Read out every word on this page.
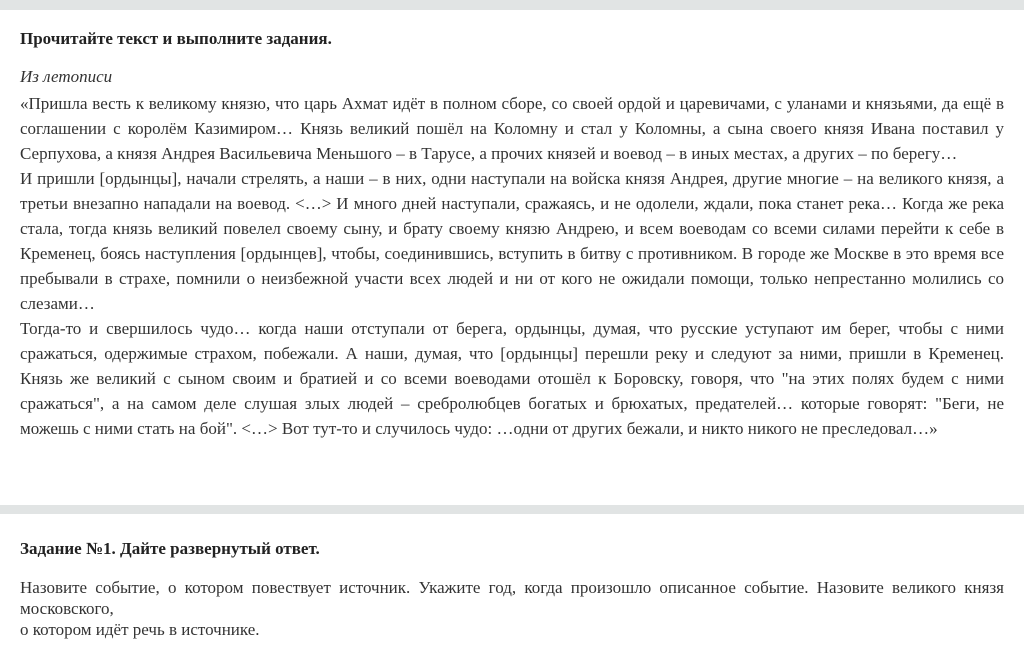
Прочитайте текст и выполните задания.

Из летописи

«Пришла весть к великому князю, что царь Ахмат идёт в полном сборе, со своей ордой и царевичами, с уланами и князьями, да ещё в соглашении с королём Казимиром… Князь великий пошёл на Коломну и стал у Коломны, а сына своего князя Ивана поставил у Серпухова, а князя Андрея Васильевича Меньшого – в Тарусе, а прочих князей и воевод – в иных местах, а других – по берегу…

И пришли [ордынцы], начали стрелять, а наши – в них, одни наступали на войска князя Андрея, другие многие – на великого князя, а третьи внезапно нападали на воевод. <…> И много дней наступали, сражаясь, и не одолели, ждали, пока станет река… Когда же река стала, тогда князь великий повелел своему сыну, и брату своему князю Андрею, и всем воеводам со всеми силами перейти к себе в Кременец, боясь наступления [ордынцев], чтобы, соединившись, вступить в битву с противником. В городе же Москве в это время все пребывали в страхе, помнили о неизбежной участи всех людей и ни от кого не ожидали помощи, только непрестанно молились со слезами…

Тогда-то и свершилось чудо… когда наши отступали от берега, ордынцы, думая, что русские уступают им берег, чтобы с ними сражаться, одержимые страхом, побежали. А наши, думая, что [ордынцы] перешли реку и следуют за ними, пришли в Кременец. Князь же великий с сыном своим и братией и со всеми воеводами отошёл к Боровску, говоря, что "на этих полях будем с ними сражаться", а на самом деле слушая злых людей – сребролюбцев богатых и брюхатых, предателей… которые говорят: "Беги, не можешь с ними стать на бой". <…> Вот тут-то и случилось чудо: …одни от других бежали, и никто никого не преследовал…»

Задание №1. Дайте развернутый ответ.

Назовите событие, о котором повествует источник. Укажите год, когда произошло описанное событие. Назовите великого князя московского,

о котором идёт речь в источнике.
